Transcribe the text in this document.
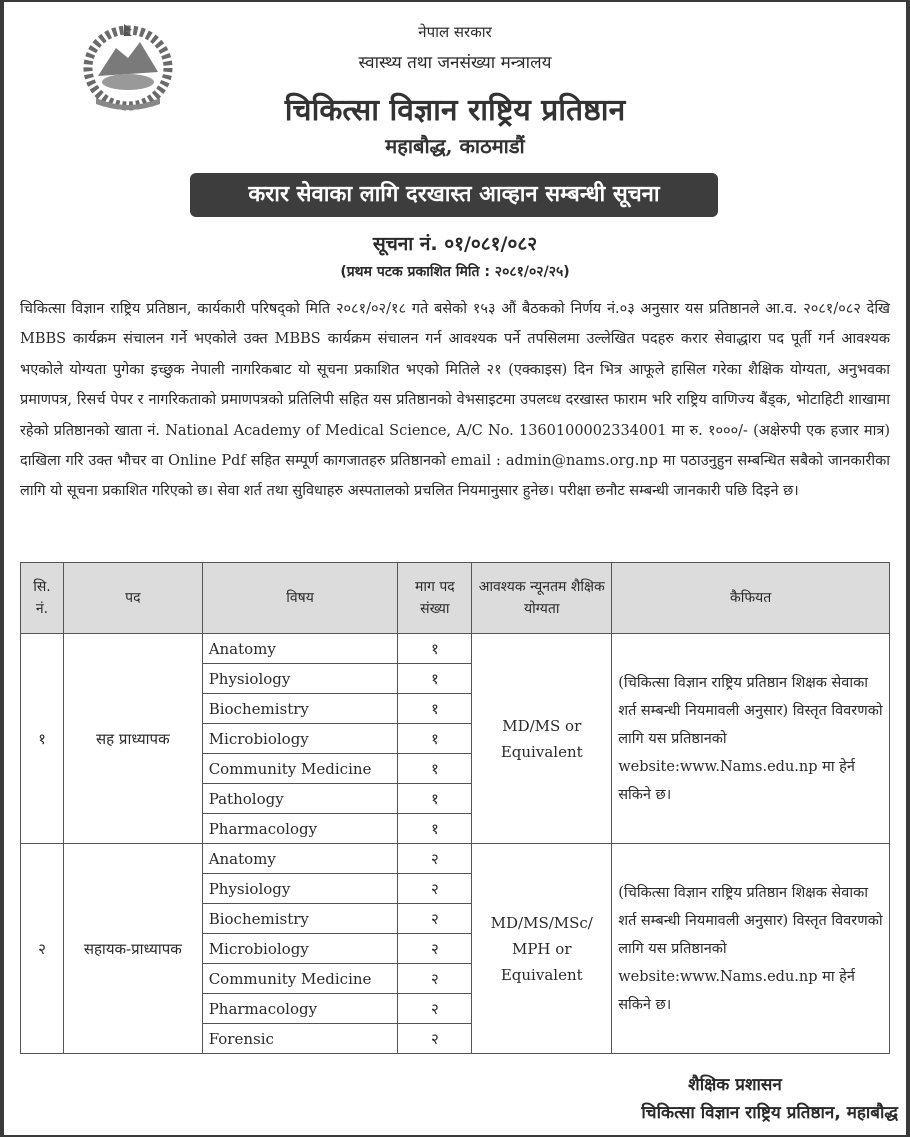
नेपाल सरकार
स्वास्थ्य तथा जनसंख्या मन्त्रालय
चिकित्सा विज्ञान राष्ट्रिय प्रतिष्ठान
महाबौद्ध, काठमाडौं
करार सेवाका लागि दरखास्त आव्हान सम्बन्धी सूचना
सूचना नं. ०१/०८१/०८२
(प्रथम पटक प्रकाशित मिति : २०८१/०२/२५)
चिकित्सा विज्ञान राष्ट्रिय प्रतिष्ठान, कार्यकारी परिषद्को मिति २०८१/०२/१८ गते बसेको १५३ औं बैठकको निर्णय नं.०३ अनुसार यस प्रतिष्ठानले आ.व. २०८१/०८२ देखि MBBS कार्यक्रम संचालन गर्ने भएकोले उक्त MBBS कार्यक्रम संचालन गर्न आवश्यक पर्ने तपसिलमा उल्लेखित पदहरु करार सेवाद्धारा पद पूर्ती गर्न आवश्यक भएकोले योग्यता पुगेका इच्छुक नेपाली नागरिकबाट यो सूचना प्रकाशित भएको मितिले २१ (एक्काइस) दिन भित्र आफूले हासिल गरेका शैक्षिक योग्यता, अनुभवका प्रमाणपत्र, रिसर्च पेपर र नागरिकताको प्रमाणपत्रको प्रतिलिपी सहित यस प्रतिष्ठानको वेभसाइटमा उपलव्ध दरखास्त फाराम भरि राष्ट्रिय वाणिज्य बैंड्क, भोटाहिटी शाखामा रहेको प्रतिष्ठानको खाता नं. National Academy of Medical Science, A/C No. 1360100002334001 मा रु. १०००/- (अक्षेरुपी एक हजार मात्र) दाखिला गरि उक्त भौचर वा Online Pdf सहित सम्पूर्ण कागजातहरु प्रतिष्ठानको email : admin@nams.org.np मा पठाउनुहुन सम्बन्धित सबैको जानकारीका लागि यो सूचना प्रकाशित गरिएको छ। सेवा शर्त तथा सुविधाहरु अस्पतालको प्रचलित नियमानुसार हुनेछ। परीक्षा छनौट सम्बन्धी जानकारी पछि दिइने छ।
सि. नं.	पद	विषय	माग पद संख्या	आवश्यक न्यूनतम शैक्षिक योग्यता	कैफियत
१	सह प्राध्यापक	Anatomy	१	MD/MS or Equivalent	(चिकित्सा विज्ञान राष्ट्रिय प्रतिष्ठान शिक्षक सेवाका शर्त सम्बन्धी नियमावली अनुसार) विस्तृत विवरणको लागि यस प्रतिष्ठानको website:www.Nams.edu.np मा हेर्न सकिने छ।
		Physiology	१		
		Biochemistry	१		
		Microbiology	१		
		Community Medicine	१		
		Pathology	१		
		Pharmacology	१		
२	सहायक-प्राध्यापक	Anatomy	२	MD/MS/MSc/ MPH or Equivalent	(चिकित्सा विज्ञान राष्ट्रिय प्रतिष्ठान शिक्षक सेवाका शर्त सम्बन्धी नियमावली अनुसार) विस्तृत विवरणको लागि यस प्रतिष्ठानको website:www.Nams.edu.np मा हेर्न सकिने छ।
		Physiology	२		
		Biochemistry	२		
		Microbiology	२		
		Community Medicine	२		
		Pharmacology	२		
		Forensic	२		
शैक्षिक प्रशासन
चिकित्सा विज्ञान राष्ट्रिय प्रतिष्ठान, महाबौद्ध
